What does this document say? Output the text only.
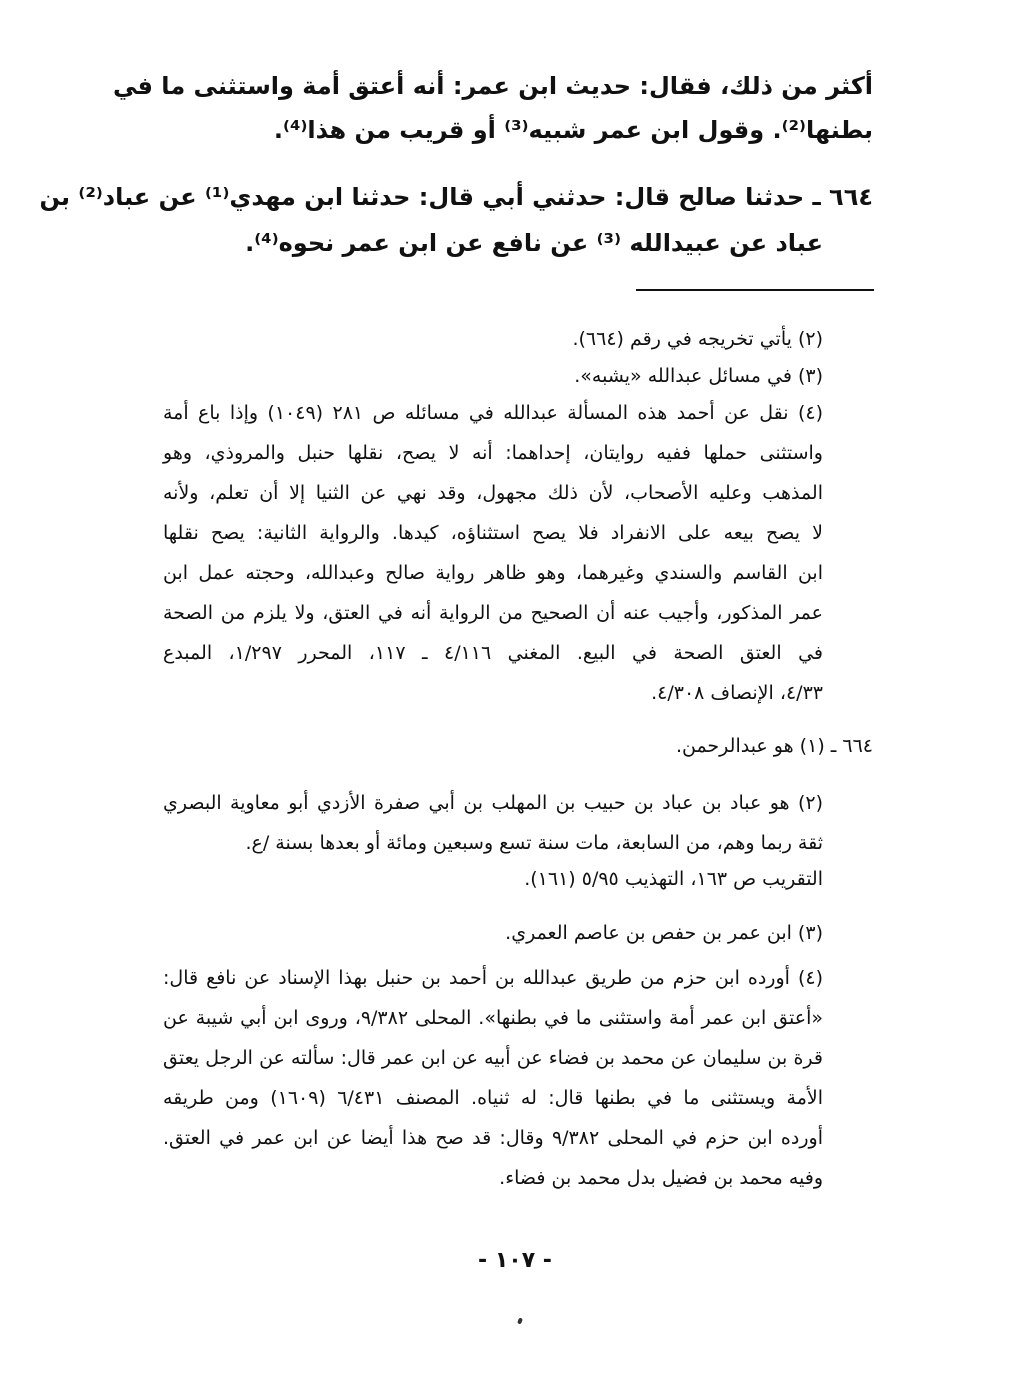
أكثر من ذلك، فقال: حديث ابن عمر: أنه أعتق أمة واستثنى ما في
بطنها⁽²⁾. وقول ابن عمر شبيه⁽³⁾ أو قريب من هذا⁽⁴⁾.
٦٦٤ ـ حدثنا صالح قال: حدثني أبي قال: حدثنا ابن مهدي⁽¹⁾ عن عباد⁽²⁾ بن
عباد عن عبيدالله ⁽³⁾ عن نافع عن ابن عمر نحوه⁽⁴⁾.
(٢) يأتي تخريجه في رقم (٦٦٤).
(٣) في مسائل عبدالله «يشبه».
(٤) نقل عن أحمد هذه المسألة عبدالله في مسائله ص ٢٨١ (١٠٤٩) وإذا باع أمة
واستثنى حملها ففيه روايتان، إحداهما: أنه لا يصح، نقلها حنبل والمروذي، وهو
المذهب وعليه الأصحاب، لأن ذلك مجهول، وقد نهي عن الثنيا إلا أن تعلم، ولأنه
لا يصح بيعه على الانفراد فلا يصح استثناؤه، كيدها. والرواية الثانية: يصح نقلها
ابن القاسم والسندي وغيرهما، وهو ظاهر رواية صالح وعبدالله، وحجته عمل ابن
عمر المذكور، وأجيب عنه أن الصحيح من الرواية أنه في العتق، ولا يلزم من الصحة
في العتق الصحة في البيع. المغني ٤/١١٦ ـ ١١٧، المحرر ١/٢٩٧، المبدع
٤/٣٣، الإنصاف ٤/٣٠٨.
٦٦٤ ـ (١) هو عبدالرحمن.
(٢) هو عباد بن عباد بن حبيب بن المهلب بن أبي صفرة الأزدي أبو معاوية البصري
ثقة ربما وهم، من السابعة، مات سنة تسع وسبعين ومائة أو بعدها بسنة /ع.
التقريب ص ١٦٣، التهذيب ٥/٩٥ (١٦١).
(٣) ابن عمر بن حفص بن عاصم العمري.
(٤) أورده ابن حزم من طريق عبدالله بن أحمد بن حنبل بهذا الإسناد عن نافع قال:
«أعتق ابن عمر أمة واستثنى ما في بطنها». المحلى ٩/٣٨٢، وروى ابن أبي شيبة عن
قرة بن سليمان عن محمد بن فضاء عن أبيه عن ابن عمر قال: سألته عن الرجل يعتق
الأمة ويستثنى ما في بطنها قال: له ثنياه. المصنف ٦/٤٣١ (١٦٠٩) ومن طريقه
أورده ابن حزم في المحلى ٩/٣٨٢ وقال: قد صح هذا أيضا عن ابن عمر في العتق.
وفيه محمد بن فضيل بدل محمد بن فضاء.
- ١٠٧ -
